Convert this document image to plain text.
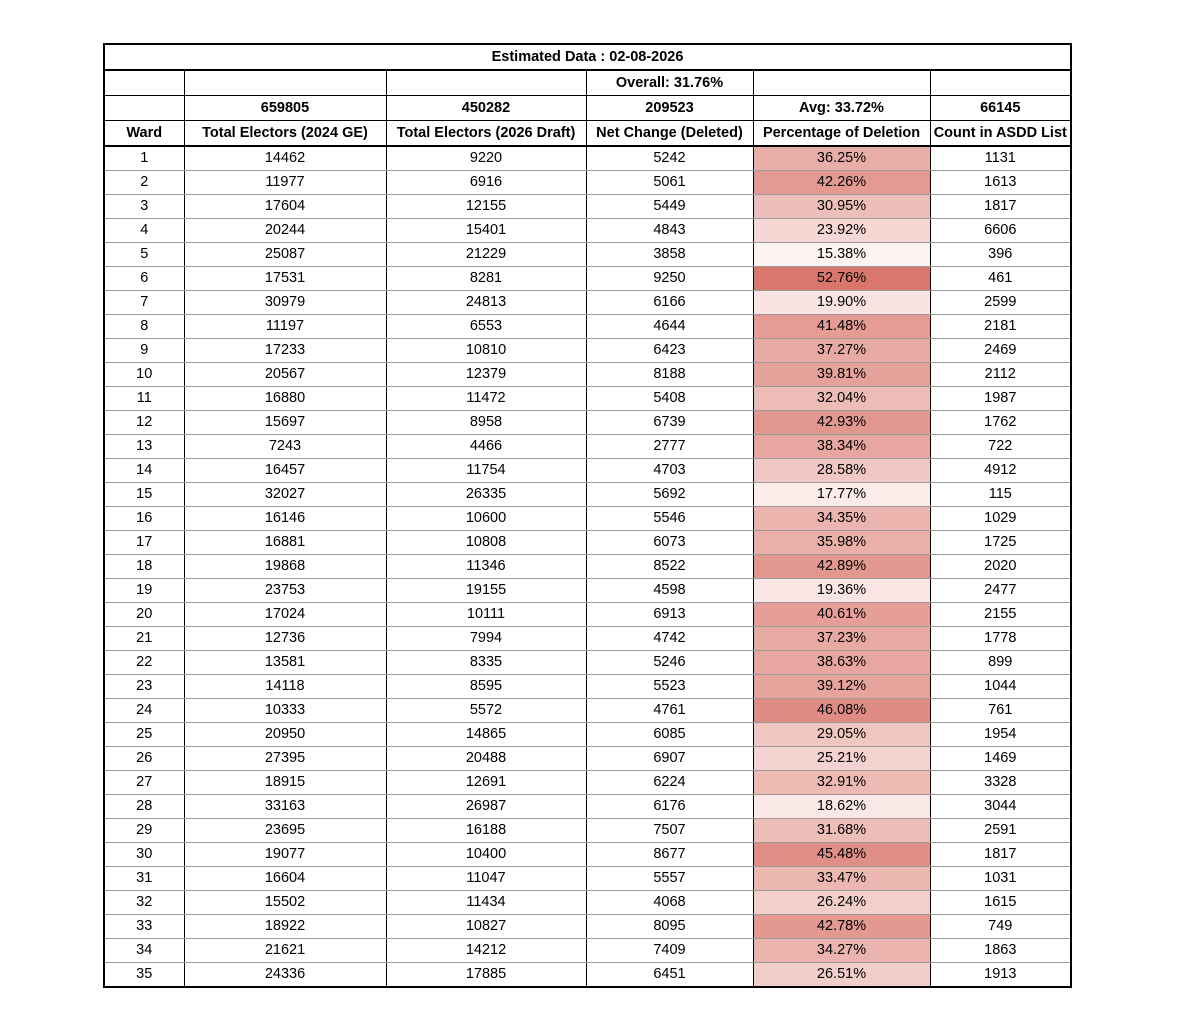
Estimated Data : 02-08-2026					
			Overall: 31.76%		
	659805	450282	209523	Avg: 33.72%	66145
Ward	Total Electors (2024 GE)	Total Electors (2026 Draft)	Net Change (Deleted)	Percentage of Deletion	Count in ASDD List
1	14462	9220	5242	36.25%	1131
2	11977	6916	5061	42.26%	1613
3	17604	12155	5449	30.95%	1817
4	20244	15401	4843	23.92%	6606
5	25087	21229	3858	15.38%	396
6	17531	8281	9250	52.76%	461
7	30979	24813	6166	19.90%	2599
8	11197	6553	4644	41.48%	2181
9	17233	10810	6423	37.27%	2469
10	20567	12379	8188	39.81%	2112
11	16880	11472	5408	32.04%	1987
12	15697	8958	6739	42.93%	1762
13	7243	4466	2777	38.34%	722
14	16457	11754	4703	28.58%	4912
15	32027	26335	5692	17.77%	115
16	16146	10600	5546	34.35%	1029
17	16881	10808	6073	35.98%	1725
18	19868	11346	8522	42.89%	2020
19	23753	19155	4598	19.36%	2477
20	17024	10111	6913	40.61%	2155
21	12736	7994	4742	37.23%	1778
22	13581	8335	5246	38.63%	899
23	14118	8595	5523	39.12%	1044
24	10333	5572	4761	46.08%	761
25	20950	14865	6085	29.05%	1954
26	27395	20488	6907	25.21%	1469
27	18915	12691	6224	32.91%	3328
28	33163	26987	6176	18.62%	3044
29	23695	16188	7507	31.68%	2591
30	19077	10400	8677	45.48%	1817
31	16604	11047	5557	33.47%	1031
32	15502	11434	4068	26.24%	1615
33	18922	10827	8095	42.78%	749
34	21621	14212	7409	34.27%	1863
35	24336	17885	6451	26.51%	1913
